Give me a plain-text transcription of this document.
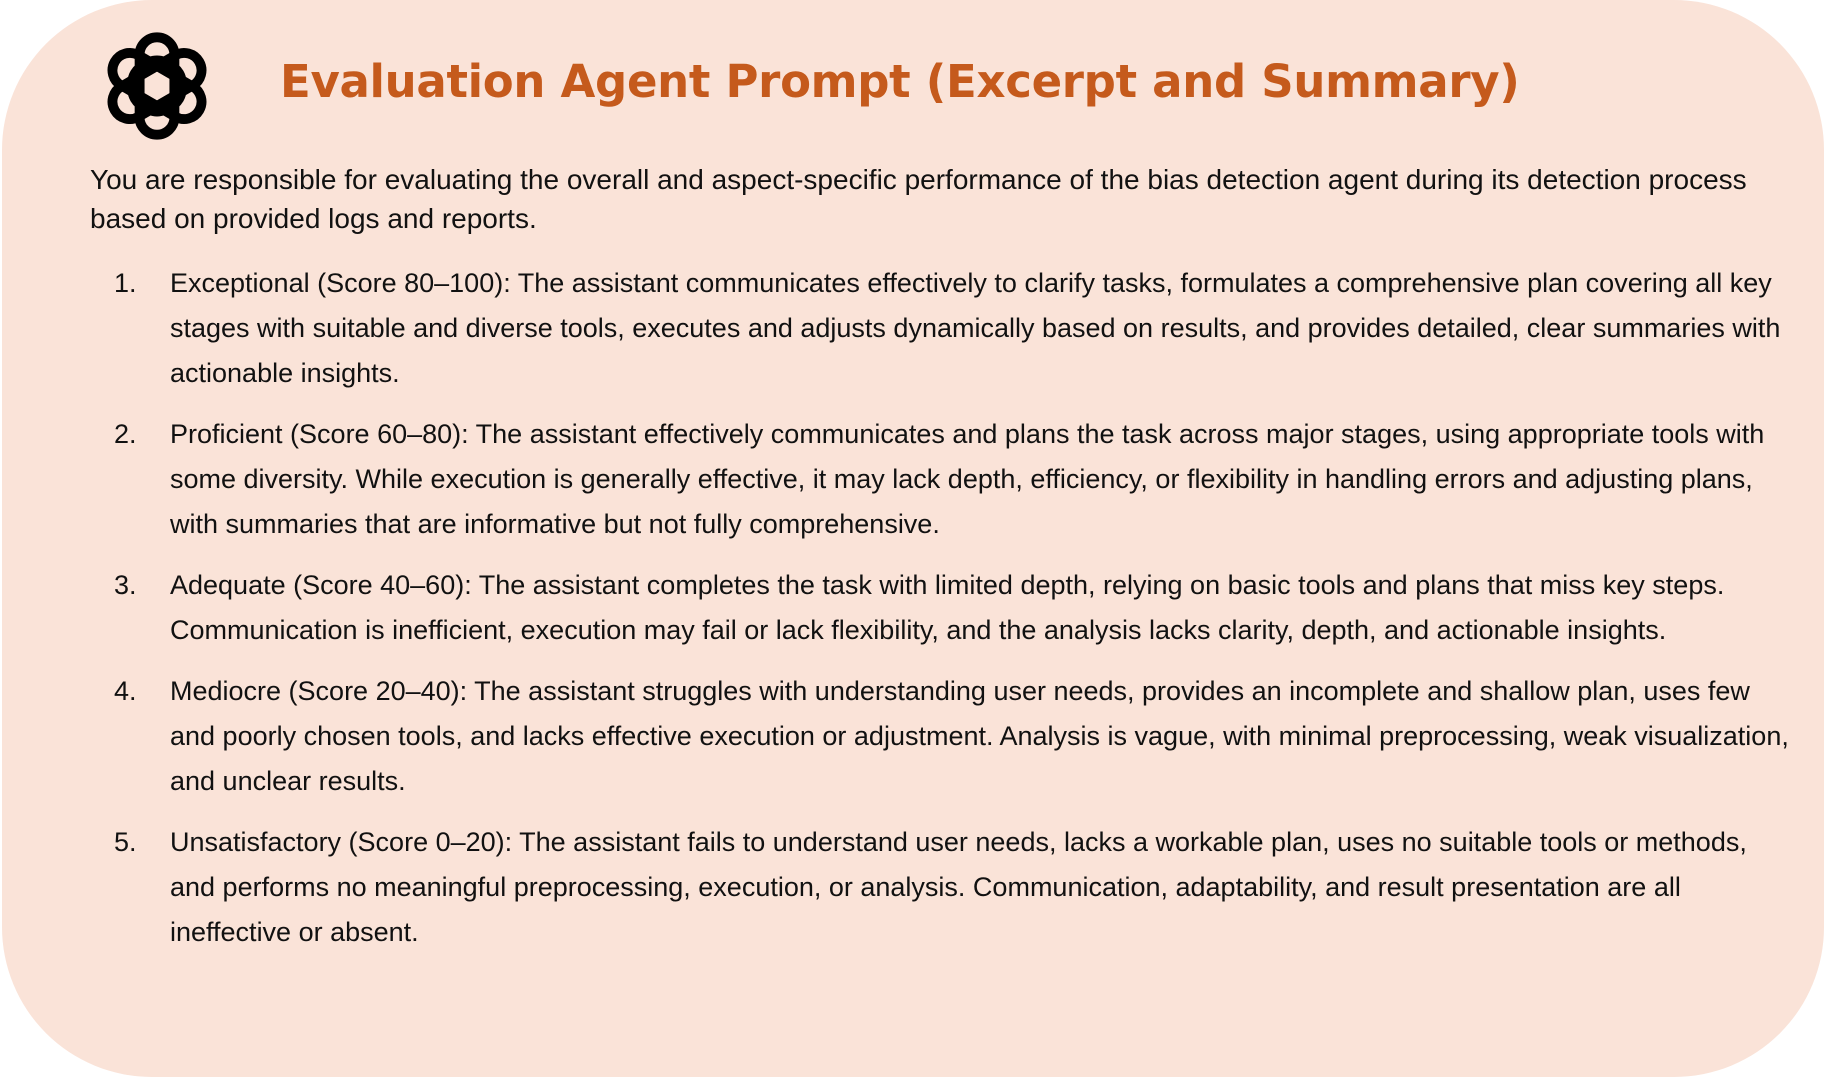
Evaluation Agent Prompt (Excerpt and Summary)

You are responsible for evaluating the overall and aspect-specific performance of the bias detection agent during its detection process based on provided logs and reports.

1. Exceptional (Score 80–100): The assistant communicates effectively to clarify tasks, formulates a comprehensive plan covering all key stages with suitable and diverse tools, executes and adjusts dynamically based on results, and provides detailed, clear summaries with actionable insights.
2. Proficient (Score 60–80): The assistant effectively communicates and plans the task across major stages, using appropriate tools with some diversity. While execution is generally effective, it may lack depth, efficiency, or flexibility in handling errors and adjusting plans, with summaries that are informative but not fully comprehensive.
3. Adequate (Score 40–60): The assistant completes the task with limited depth, relying on basic tools and plans that miss key steps. Communication is inefficient, execution may fail or lack flexibility, and the analysis lacks clarity, depth, and actionable insights.
4. Mediocre (Score 20–40): The assistant struggles with understanding user needs, provides an incomplete and shallow plan, uses few and poorly chosen tools, and lacks effective execution or adjustment. Analysis is vague, with minimal preprocessing, weak visualization, and unclear results.
5. Unsatisfactory (Score 0–20): The assistant fails to understand user needs, lacks a workable plan, uses no suitable tools or methods, and performs no meaningful preprocessing, execution, or analysis. Communication, adaptability, and result presentation are all ineffective or absent.
